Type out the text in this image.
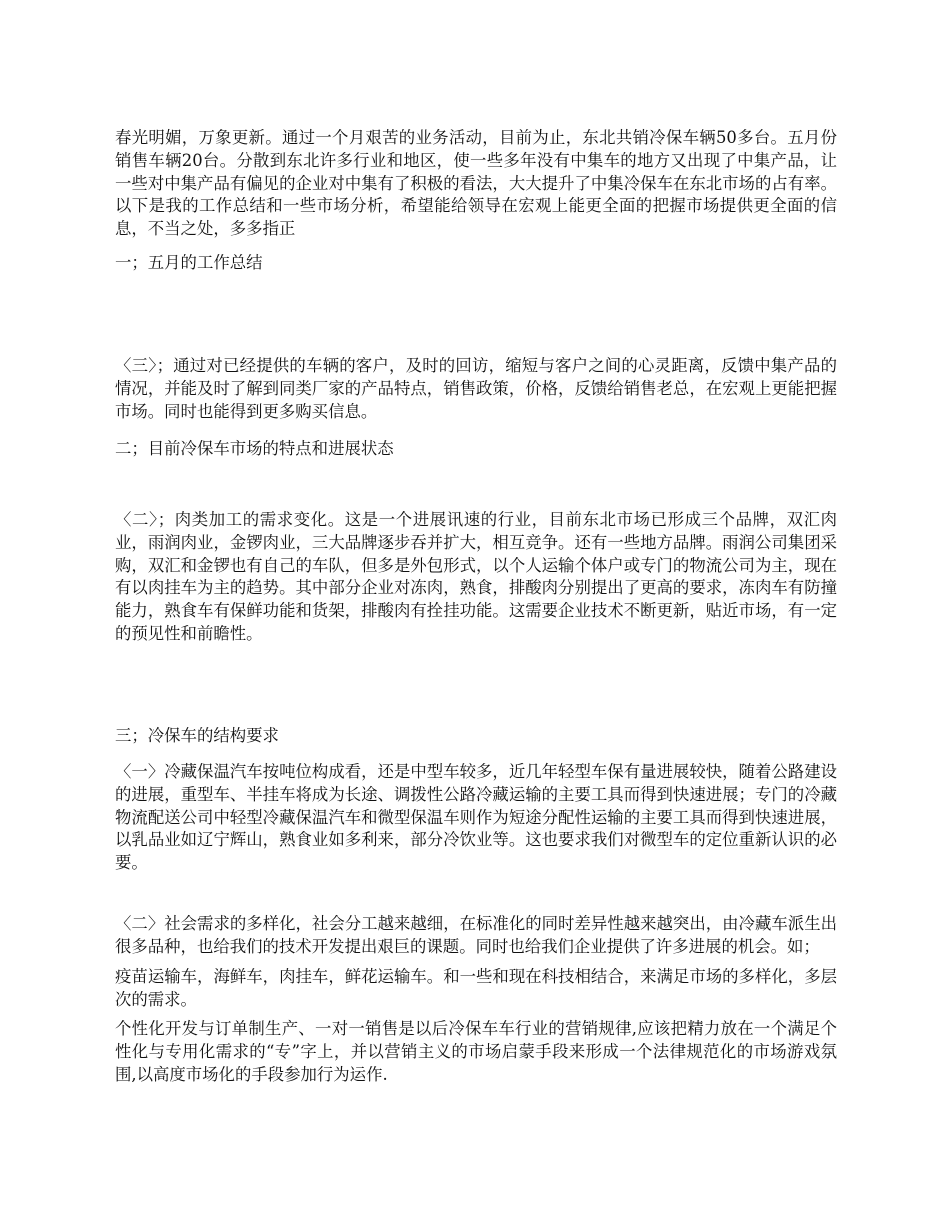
春光明媚，万象更新。通过一个月艰苦的业务活动，目前为止，东北共销冷保车辆50多台。五月份销售车辆20台。分散到东北许多行业和地区，使一些多年没有中集车的地方又出现了中集产品，让一些对中集产品有偏见的企业对中集有了积极的看法，大大提升了中集冷保车在东北市场的占有率。以下是我的工作总结和一些市场分析，希望能给领导在宏观上能更全面的把握市场提供更全面的信息，不当之处，多多指正

一；五月的工作总结

〈三〉；通过对已经提供的车辆的客户，及时的回访，缩短与客户之间的心灵距离，反馈中集产品的情况，并能及时了解到同类厂家的产品特点，销售政策，价格，反馈给销售老总，在宏观上更能把握市场。同时也能得到更多购买信息。

二；目前冷保车市场的特点和进展状态

〈二〉；肉类加工的需求变化。这是一个进展讯速的行业，目前东北市场已形成三个品牌，双汇肉业，雨润肉业，金锣肉业，三大品牌逐步吞并扩大，相互竞争。还有一些地方品牌。雨润公司集团采购，双汇和金锣也有自己的车队，但多是外包形式，以个人运输个体户或专门的物流公司为主，现在有以肉挂车为主的趋势。其中部分企业对冻肉，熟食，排酸肉分别提出了更高的要求，冻肉车有防撞能力，熟食车有保鲜功能和货架，排酸肉有拴挂功能。这需要企业技术不断更新，贴近市场，有一定的预见性和前瞻性。

三；冷保车的结构要求

〈一〉冷藏保温汽车按吨位构成看，还是中型车较多，近几年轻型车保有量进展较快，随着公路建设的进展，重型车、半挂车将成为长途、调拨性公路冷藏运输的主要工具而得到快速进展；专门的冷藏物流配送公司中轻型冷藏保温汽车和微型保温车则作为短途分配性运输的主要工具而得到快速进展，以乳品业如辽宁辉山，熟食业如多利来，部分冷饮业等。这也要求我们对微型车的定位重新认识的必要。

〈二〉社会需求的多样化，社会分工越来越细，在标准化的同时差异性越来越突出，由冷藏车派生出很多品种，也给我们的技术开发提出艰巨的课题。同时也给我们企业提供了许多进展的机会。如；

疫苗运输车，海鲜车，肉挂车，鲜花运输车。和一些和现在科技相结合，来满足市场的多样化，多层次的需求。

个性化开发与订单制生产、一对一销售是以后冷保车车行业的营销规律,应该把精力放在一个满足个性化与专用化需求的“专”字上，并以营销主义的市场启蒙手段来形成一个法律规范化的市场游戏氛围,以高度市场化的手段参加行为运作.
